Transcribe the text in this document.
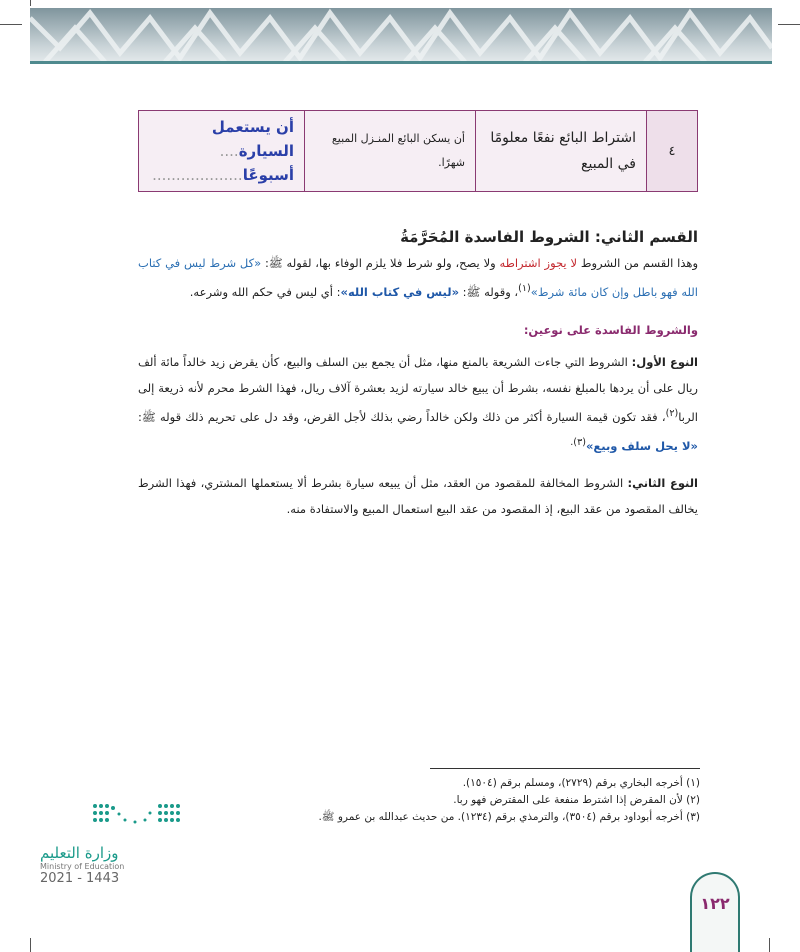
٤	اشتراط البائع نفعًا معلومًا في المبيع	أن يسكن البائع المنـزل المبيع شهرًا.	أن يستعمل السيارة....
أسبوعًا...................
القسم الثاني: الشروط الفاسدة المُحَرَّمَةُ
وهذا القسم من الشروط لا يجوز اشتراطه ولا يصح، ولو شرط فلا يلزم الوفاء بها، لقوله ﷺ: «كل شرط ليس في كتاب الله فهو باطل وإن كان مائة شرط»$^{(١)}$، وقوله ﷺ: «ليس في كتاب الله»: أي ليس في حكم الله وشرعه.
والشروط الفاسدة على نوعين:
النوع الأول: الشروط التي جاءت الشريعة بالمنع منها، مثل أن يجمع بين السلف والبيع، كأن يقرض زيد خالداً مائة ألف ريال على أن يردها بالمبلغ نفسه، بشرط أن يبيع خالد سيارته لزيد بعشرة آلاف ريال، فهذا الشرط محرم لأنه ذريعة إلى الربا$^{(٢)}$، فقد تكون قيمة السيارة أكثر من ذلك ولكن خالداً رضي بذلك لأجل القرض، وقد دل على تحريم ذلك قوله ﷺ: «لا يحل سلف وبيع»$^{(٣).}$
النوع الثاني: الشروط المخالفة للمقصود من العقد، مثل أن يبيعه سيارة بشرط ألا يستعملها المشتري، فهذا الشرط يخالف المقصود من عقد البيع، إذ المقصود من عقد البيع استعمال المبيع والاستفادة منه.
(١) أخرجه البخاري برقم (٢٧٢٩)، ومسلم برقم (١٥٠٤).
(٢) لأن المقرض إذا اشترط منفعة على المقترض فهو ربا.
(٣) أخرجه أبوداود برقم (٣٥٠٤)، والترمذي برقم (١٢٣٤). من حديث عبدالله بن عمرو ﷺ.
وزارة التعليم
Ministry of Education
2021 - 1443
١٢٢
